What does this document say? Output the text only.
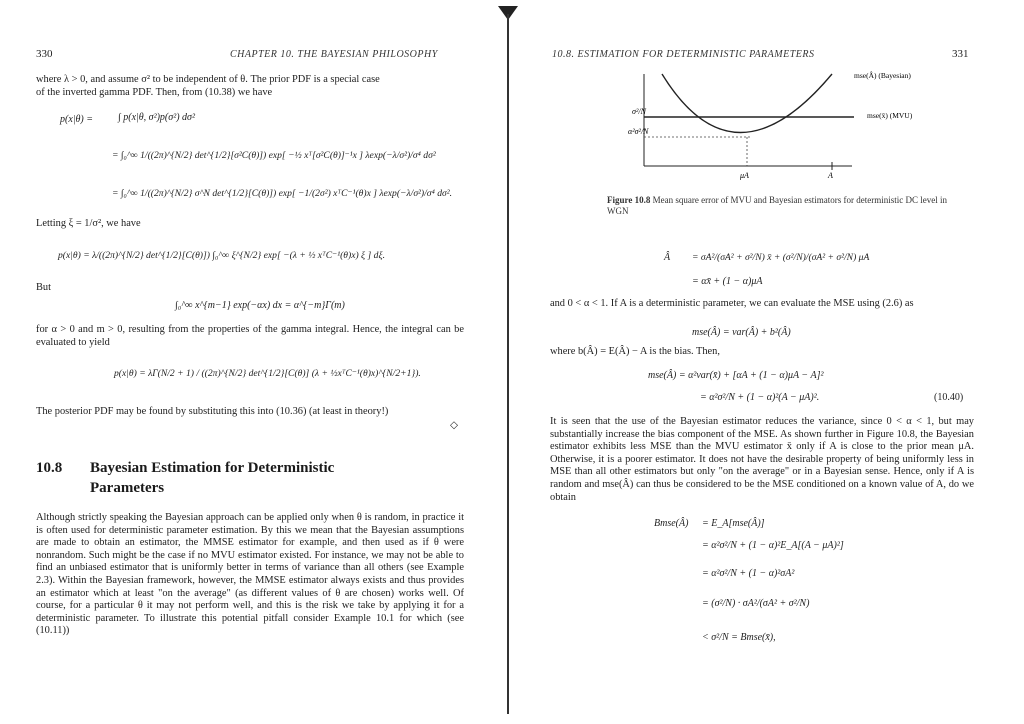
330	CHAPTER 10. THE BAYESIAN PHILOSOPHY
where λ > 0, and assume σ² to be independent of θ. The prior PDF is a special case
of the inverted gamma PDF. Then, from (10.38) we have
p(x|θ) = ∫ p(x|θ, σ²)p(σ²) dσ²
= ∫₀^∞ 1/((2π)^{N/2} det^{1/2}[σ²C(θ)]) exp[ −½ xᵀ[σ²C(θ)]⁻¹x ] λexp(−λ/σ²)/σ⁴ dσ²
= ∫₀^∞ 1/((2π)^{N/2} σ^N det^{1/2}[C(θ)]) exp[ −1/(2σ²) xᵀC⁻¹(θ)x ] λexp(−λ/σ²)/σ⁴ dσ².
Letting ξ = 1/σ², we have
p(x|θ) = λ/((2π)^{N/2} det^{1/2}[C(θ)]) ∫₀^∞ ξ^{N/2} exp[ −(λ + ½ xᵀC⁻¹(θ)x) ξ ] dξ.
But
∫₀^∞ x^{m−1} exp(−αx) dx = α^{−m}Γ(m)
for α > 0 and m > 0, resulting from the properties of the gamma integral. Hence, the integral can be evaluated to yield
p(x|θ) = λΓ(N/2 + 1) / ((2π)^{N/2} det^{1/2}[C(θ)] (λ + ½xᵀC⁻¹(θ)x)^{N/2+1}).
The posterior PDF may be found by substituting this into (10.36) (at least in theory!)
◇
10.8 Bayesian Estimation for Deterministic
Parameters
Although strictly speaking the Bayesian approach can be applied only when θ is random, in practice it is often used for deterministic parameter estimation. By this we mean that the Bayesian assumptions are made to obtain an estimator, the MMSE estimator for example, and then used as if θ were nonrandom. Such might be the case if no MVU estimator existed. For instance, we may not be able to find an unbiased estimator that is uniformly better in terms of variance than all others (see Example 2.3). Within the Bayesian framework, however, the MMSE estimator always exists and thus provides an estimator which at least "on the average" (as different values of θ are chosen) works well. Of course, for a particular θ it may not perform well, and this is the risk we take by applying it for a deterministic parameter. To illustrate this potential pitfall consider Example 10.1 for which (see (10.11))
10.8. ESTIMATION FOR DETERMINISTIC PARAMETERS	331
σ²/N
α²σ²/N
μA	A
mse(Â) (Bayesian)
mse(x̄) (MVU)
Figure 10.8 Mean square error of MVU and Bayesian estimators for deterministic DC level in WGN
Â = σA²/(σA² + σ²/N) x̄ + (σ²/N)/(σA² + σ²/N) μA
= αx̄ + (1 − α)μA
and 0 < α < 1. If A is a deterministic parameter, we can evaluate the MSE using (2.6) as
mse(Â) = var(Â) + b²(Â)
where b(Â) = E(Â) − A is the bias. Then,
mse(Â) = α²var(x̄) + [αA + (1 − α)μA − A]²
= α²σ²/N + (1 − α)²(A − μA)².	(10.40)
It is seen that the use of the Bayesian estimator reduces the variance, since 0 < α < 1, but may substantially increase the bias component of the MSE. As shown further in Figure 10.8, the Bayesian estimator exhibits less MSE than the MVU estimator x̄ only if A is close to the prior mean μA. Otherwise, it is a poorer estimator. It does not have the desirable property of being uniformly less in MSE than all other estimators but only "on the average" or in a Bayesian sense. Hence, only if A is random and mse(Â) can thus be considered to be the MSE conditioned on a known value of A, do we obtain
Bmse(Â) = E_A[mse(Â)]
= α²σ²/N + (1 − α)²E_A[(A − μA)²]
= α²σ²/N + (1 − α)²σA²
= (σ²/N) · σA²/(σA² + σ²/N)
< σ²/N = Bmse(x̄),
